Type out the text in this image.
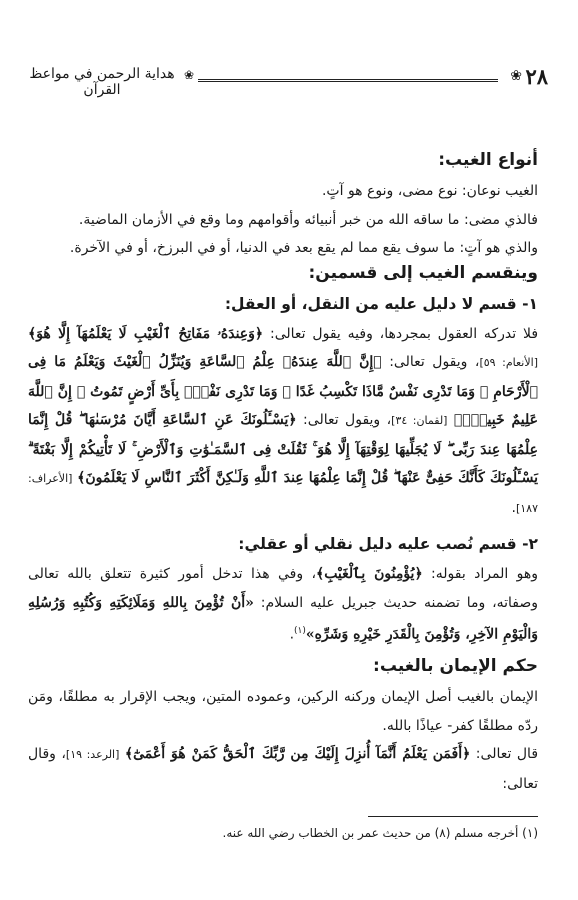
٢٨
❀
❀
هداية الرحمن في مواعظ القرآن
أنواع الغيب:

الغيب نوعان: نوع مضى، ونوع هو آتٍ.

فالذي مضى: ما ساقه الله من خبر أنبيائه وأقوامهم وما وقع في الأزمان الماضية.

والذي هو آتٍ: ما سوف يقع مما لم يقع بعد في الدنيا، أو في البرزخ، أو في الآخرة.

وينقسم الغيب إلى قسمين:
١- قسم لا دليل عليه من النقل، أو العقل:

فلا تدركه العقول بمجردها، وفيه يقول تعالى: ﴿وَعِندَهُۥ مَفَاتِحُ ٱلْغَيْبِ لَا يَعْلَمُهَآ إِلَّا هُوَ﴾ [الأنعام: ٥٩]، ويقول تعالى: ﴿إِنَّ ٱللَّهَ عِندَهُۥ عِلْمُ ٱلسَّاعَةِ وَيُنَزِّلُ ٱلْغَيْثَ وَيَعْلَمُ مَا فِى ٱلْأَرْحَامِ ۖ وَمَا تَدْرِى نَفْسٌ مَّاذَا تَكْسِبُ غَدًا ۖ وَمَا تَدْرِى نَفْسٌۢ بِأَىِّ أَرْضٍ تَمُوتُ ۚ إِنَّ ٱللَّهَ عَلِيمٌ خَبِيرٌۢ﴾ [لقمان: ٣٤]، ويقول تعالى: ﴿يَسْـَٔلُونَكَ عَنِ ٱلسَّاعَةِ أَيَّانَ مُرْسَىٰهَا ۖ قُلْ إِنَّمَا عِلْمُهَا عِندَ رَبِّى ۖ لَا يُجَلِّيهَا لِوَقْتِهَآ إِلَّا هُوَ ۚ ثَقُلَتْ فِى ٱلسَّمَـٰوَٰتِ وَٱلْأَرْضِ ۚ لَا تَأْتِيكُمْ إِلَّا بَغْتَةً ۗ يَسْـَٔلُونَكَ كَأَنَّكَ حَفِىٌّ عَنْهَا ۖ قُلْ إِنَّمَا عِلْمُهَا عِندَ ٱللَّهِ وَلَـٰكِنَّ أَكْثَرَ ٱلنَّاسِ لَا يَعْلَمُونَ﴾ [الأعراف: ١٨٧].

٢- قسم نُصب عليه دليل نقلي أو عقلي:

وهو المراد بقوله: ﴿يُؤْمِنُونَ بِٱلْغَيْبِ﴾، وفي هذا تدخل أمور كثيرة تتعلق بالله تعالى وصفاته، وما تضمنه حديث جبريل عليه السلام: «أَنْ تُؤْمِنَ بِاللهِ وَمَلَائِكَتِهِ وَكُتُبِهِ وَرُسُلِهِ وَالْيَوْمِ الآخِرِ، وَتُؤْمِنَ بِالْقَدَرِ خَيْرِهِ وَشَرِّهِ»$^{(١)}$.

حكم الإيمان بالغيب:

الإيمان بالغيب أصل الإيمان وركنه الركين، وعموده المتين، ويجب الإقرار به مطلقًا، ومَن ردّه مطلقًا كفر- عياذًا بالله.

قال تعالى: ﴿أَفَمَن يَعْلَمُ أَنَّمَآ أُنزِلَ إِلَيْكَ مِن رَّبِّكَ ٱلْحَقُّ كَمَنْ هُوَ أَعْمَىٰٓ﴾ [الرعد: ١٩]، وقال تعالى:

(١) أخرجه مسلم (٨) من حديث عمر بن الخطاب رضي الله عنه.
